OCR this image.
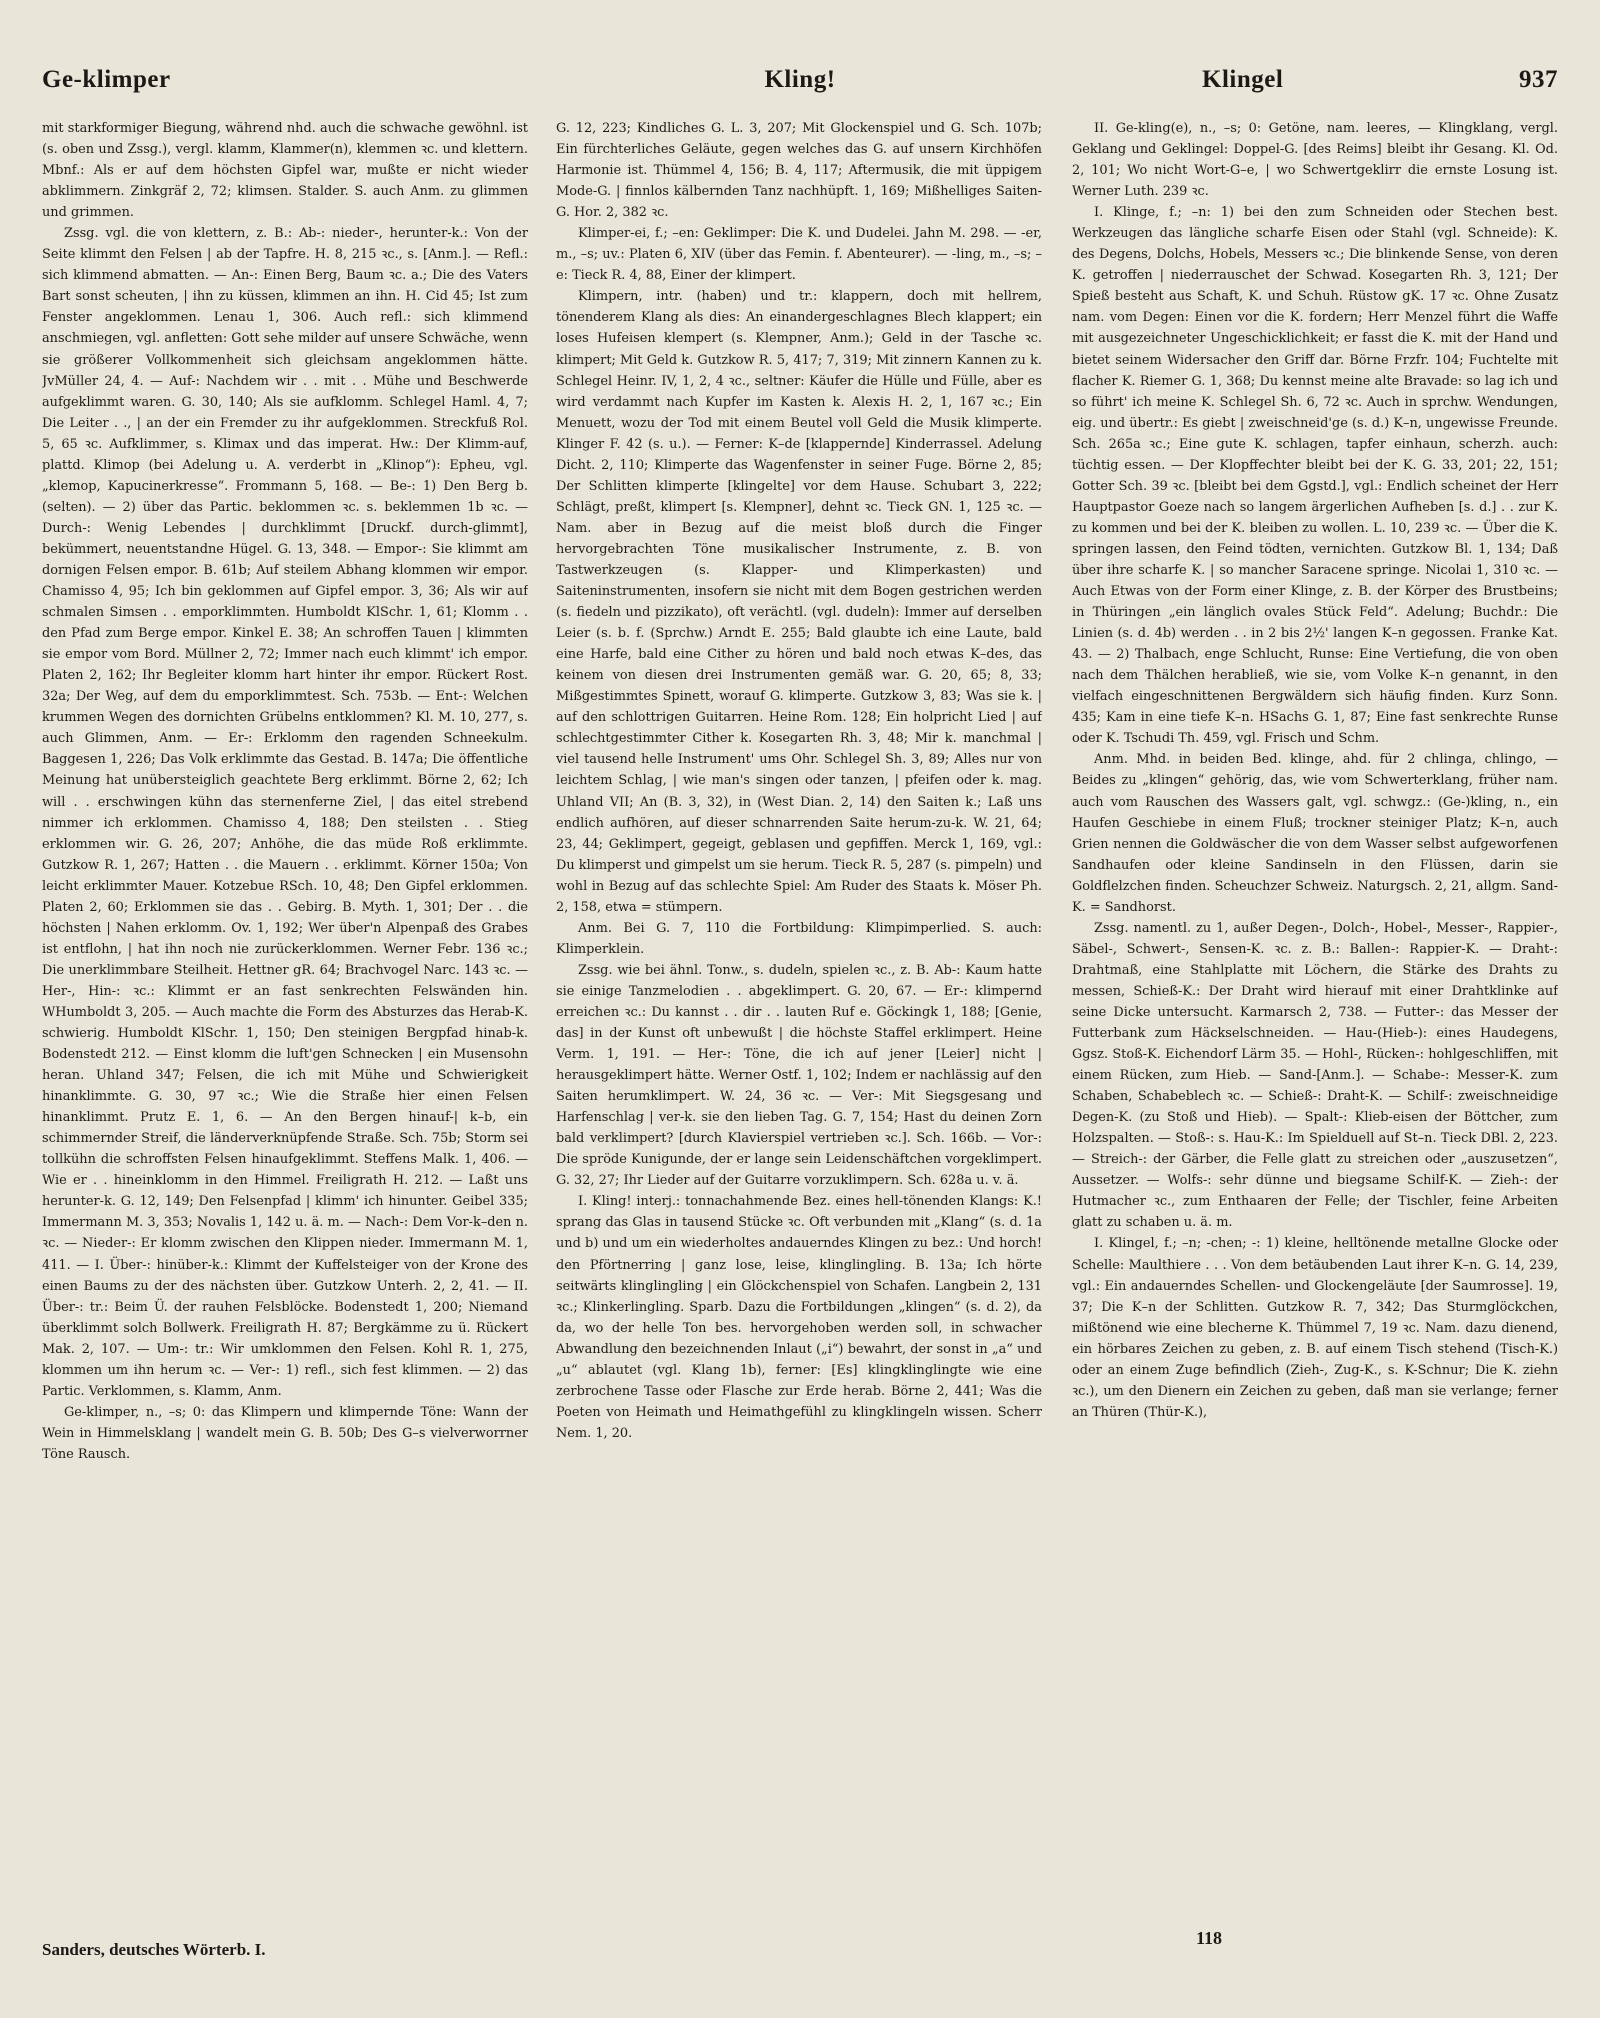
Ge-klimper	Kling!	Klingel	937

mit starkformiger Biegung, während nhd. auch die schwache gewöhnl. ist (s. oben und Zssg.), vergl. klamm, Klammer(n), klemmen ꝛc. und klettern. Mbnf.: Als er auf dem höchsten Gipfel war, mußte er nicht wieder abklimmern. Zinkgräf 2, 72; klimsen. Stalder. S. auch Anm. zu glimmen und grimmen.

Zssg. vgl. die von klettern, z. B.: Ab-: nieder-, herunter-k.: Von der Seite klimmt den Felsen | ab der Tapfre. H. 8, 215 ꝛc., s. [Anm.]. — Refl.: sich klimmend abmatten. — An-: Einen Berg, Baum ꝛc. a.; Die des Vaters Bart sonst scheuten, | ihn zu küssen, klimmen an ihn. H. Cid 45; Ist zum Fenster angeklommen. Lenau 1, 306. Auch refl.: sich klimmend anschmiegen, vgl. anfletten: Gott sehe milder auf unsere Schwäche, wenn sie größerer Vollkommenheit sich gleichsam angeklommen hätte. JvMüller 24, 4. — Auf-: Nachdem wir . . mit . . Mühe und Beschwerde aufgeklimmt waren. G. 30, 140; Als sie aufklomm. Schlegel Haml. 4, 7; Die Leiter . ., | an der ein Fremder zu ihr aufgeklommen. Streckfuß Rol. 5, 65 ꝛc. Aufklimmer, s. Klimax und das imperat. Hw.: Der Klimm-auf, plattd. Klimop (bei Adelung u. A. verderbt in „Klinop“): Epheu, vgl. „klemop, Kapucinerkresse“. Frommann 5, 168. — Be-: 1) Den Berg b. (selten). — 2) über das Partic. beklommen ꝛc. s. beklemmen 1b ꝛc. — Durch-: Wenig Lebendes | durchklimmt [Druckf. durch-glimmt], bekümmert, neuentstandne Hügel. G. 13, 348. — Empor-: Sie klimmt am dornigen Felsen empor. B. 61b; Auf steilem Abhang klommen wir empor. Chamisso 4, 95; Ich bin geklommen auf Gipfel empor. 3, 36; Als wir auf schmalen Simsen . . emporklimmten. Humboldt KlSchr. 1, 61; Klomm . . den Pfad zum Berge empor. Kinkel E. 38; An schroffen Tauen | klimmten sie empor vom Bord. Müllner 2, 72; Immer nach euch klimmt' ich empor. Platen 2, 162; Ihr Begleiter klomm hart hinter ihr empor. Rückert Rost. 32a; Der Weg, auf dem du emporklimmtest. Sch. 753b. — Ent-: Welchen krummen Wegen des dornichten Grübelns entklommen? Kl. M. 10, 277, s. auch Glimmen, Anm. — Er-: Erklomm den ragenden Schneekulm. Baggesen 1, 226; Das Volk erklimmte das Gestad. B. 147a; Die öffentliche Meinung hat unübersteiglich geachtete Berg erklimmt. Börne 2, 62; Ich will . . erschwingen kühn das sternenferne Ziel, | das eitel strebend nimmer ich erklommen. Chamisso 4, 188; Den steilsten . . Stieg erklommen wir. G. 26, 207; Anhöhe, die das müde Roß erklimmte. Gutzkow R. 1, 267; Hatten . . die Mauern . . erklimmt. Körner 150a; Von leicht erklimmter Mauer. Kotzebue RSch. 10, 48; Den Gipfel erklommen. Platen 2, 60; Erklommen sie das . . Gebirg. B. Myth. 1, 301; Der . . die höchsten | Nahen erklomm. Ov. 1, 192; Wer über'n Alpenpaß des Grabes ist entflohn, | hat ihn noch nie zurückerklommen. Werner Febr. 136 ꝛc.; Die unerklimmbare Steilheit. Hettner gR. 64; Brachvogel Narc. 143 ꝛc. — Her-, Hin-: ꝛc.: Klimmt er an fast senkrechten Felswänden hin. WHumboldt 3, 205. — Auch machte die Form des Absturzes das Herab-K. schwierig. Humboldt KlSchr. 1, 150; Den steinigen Bergpfad hinab-k. Bodenstedt 212. — Einst klomm die luft'gen Schnecken | ein Musensohn heran. Uhland 347; Felsen, die ich mit Mühe und Schwierigkeit hinanklimmte. G. 30, 97 ꝛc.; Wie die Straße hier einen Felsen hinanklimmt. Prutz E. 1, 6. — An den Bergen hinauf-| k–b, ein schimmernder Streif, die länderverknüpfende Straße. Sch. 75b; Storm sei tollkühn die schroffsten Felsen hinaufgeklimmt. Steffens Malk. 1, 406. — Wie er . . hineinklomm in den Himmel. Freiligrath H. 212. — Laßt uns herunter-k. G. 12, 149; Den Felsenpfad | klimm' ich hinunter. Geibel 335; Immermann M. 3, 353; Novalis 1, 142 u. ä. m. — Nach-: Dem Vor-k–den n. ꝛc. — Nieder-: Er klomm zwischen den Klippen nieder. Immermann M. 1, 411. — I. Über-: hinüber-k.: Klimmt der Kuffelsteiger von der Krone des einen Baums zu der des nächsten über. Gutzkow Unterh. 2, 2, 41. — II. Über-: tr.: Beim Ü. der rauhen Felsblöcke. Bodenstedt 1, 200; Niemand überklimmt solch Bollwerk. Freiligrath H. 87; Bergkämme zu ü. Rückert Mak. 2, 107. — Um-: tr.: Wir umklommen den Felsen. Kohl R. 1, 275, klommen um ihn herum ꝛc. — Ver-: 1) refl., sich fest klimmen. — 2) das Partic. Verklommen, s. Klamm, Anm.

Ge-klimper, n., –s; 0: das Klimpern und klimpernde Töne: Wann der Wein in Himmelsklang | wandelt mein G. B. 50b; Des G–s vielverworrner Töne Rausch.

G. 12, 223; Kindliches G. L. 3, 207; Mit Glockenspiel und G. Sch. 107b; Ein fürchterliches Geläute, gegen welches das G. auf unsern Kirchhöfen Harmonie ist. Thümmel 4, 156; B. 4, 117; Aftermusik, die mit üppigem Mode-G. | finnlos kälbernden Tanz nachhüpft. 1, 169; Mißhelliges Saiten-G. Hor. 2, 382 ꝛc.

Klimper-ei, f.; –en: Geklimper: Die K. und Dudelei. Jahn M. 298. — -er, m., –s; uv.: Platen 6, XIV (über das Femin. f. Abenteurer). — -ling, m., –s; –e: Tieck R. 4, 88, Einer der klimpert.

Klimpern, intr. (haben) und tr.: klappern, doch mit hellrem, tönenderem Klang als dies: An einandergeschlagnes Blech klappert; ein loses Hufeisen klempert (s. Klempner, Anm.); Geld in der Tasche ꝛc. klimpert; Mit Geld k. Gutzkow R. 5, 417; 7, 319; Mit zinnern Kannen zu k. Schlegel Heinr. IV, 1, 2, 4 ꝛc., seltner: Käufer die Hülle und Fülle, aber es wird verdammt nach Kupfer im Kasten k. Alexis H. 2, 1, 167 ꝛc.; Ein Menuett, wozu der Tod mit einem Beutel voll Geld die Musik klimperte. Klinger F. 42 (s. u.). — Ferner: K–de [klappernde] Kinderrassel. Adelung Dicht. 2, 110; Klimperte das Wagenfenster in seiner Fuge. Börne 2, 85; Der Schlitten klimperte [klingelte] vor dem Hause. Schubart 3, 222; Schlägt, preßt, klimpert [s. Klempner], dehnt ꝛc. Tieck GN. 1, 125 ꝛc. — Nam. aber in Bezug auf die meist bloß durch die Finger hervorgebrachten Töne musikalischer Instrumente, z. B. von Tastwerkzeugen (s. Klapper- und Klimperkasten) und Saiteninstrumenten, insofern sie nicht mit dem Bogen gestrichen werden (s. fiedeln und pizzikato), oft verächtl. (vgl. dudeln): Immer auf derselben Leier (s. b. f. (Sprchw.) Arndt E. 255; Bald glaubte ich eine Laute, bald eine Harfe, bald eine Cither zu hören und bald noch etwas K–des, das keinem von diesen drei Instrumenten gemäß war. G. 20, 65; 8, 33; Mißgestimmtes Spinett, worauf G. klimperte. Gutzkow 3, 83; Was sie k. | auf den schlottrigen Guitarren. Heine Rom. 128; Ein holpricht Lied | auf schlechtgestimmter Cither k. Kosegarten Rh. 3, 48; Mir k. manchmal | viel tausend helle Instrument' ums Ohr. Schlegel Sh. 3, 89; Alles nur von leichtem Schlag, | wie man's singen oder tanzen, | pfeifen oder k. mag. Uhland VII; An (B. 3, 32), in (West Dian. 2, 14) den Saiten k.; Laß uns endlich aufhören, auf dieser schnarrenden Saite herum-zu-k. W. 21, 64; 23, 44; Geklimpert, gegeigt, geblasen und gepfiffen. Merck 1, 169, vgl.: Du klimperst und gimpelst um sie herum. Tieck R. 5, 287 (s. pimpeln) und wohl in Bezug auf das schlechte Spiel: Am Ruder des Staats k. Möser Ph. 2, 158, etwa = stümpern.

Anm. Bei G. 7, 110 die Fortbildung: Klimpimperlied. S. auch: Klimperklein.

Zssg. wie bei ähnl. Tonw., s. dudeln, spielen ꝛc., z. B. Ab-: Kaum hatte sie einige Tanzmelodien . . abgeklimpert. G. 20, 67. — Er-: klimpernd erreichen ꝛc.: Du kannst . . dir . . lauten Ruf e. Göckingk 1, 188; [Genie, das] in der Kunst oft unbewußt | die höchste Staffel erklimpert. Heine Verm. 1, 191. — Her-: Töne, die ich auf jener [Leier] nicht | herausgeklimpert hätte. Werner Ostf. 1, 102; Indem er nachlässig auf den Saiten herumklimpert. W. 24, 36 ꝛc. — Ver-: Mit Siegsgesang und Harfenschlag | ver-k. sie den lieben Tag. G. 7, 154; Hast du deinen Zorn bald verklimpert? [durch Klavierspiel vertrieben ꝛc.]. Sch. 166b. — Vor-: Die spröde Kunigunde, der er lange sein Leidenschäftchen vorgeklimpert. G. 32, 27; Ihr Lieder auf der Guitarre vorzuklimpern. Sch. 628a u. v. ä.

I. Kling! interj.: tonnachahmende Bez. eines hell-tönenden Klangs: K.! sprang das Glas in tausend Stücke ꝛc. Oft verbunden mit „Klang“ (s. d. 1a und b) und um ein wiederholtes andauerndes Klingen zu bez.: Und horch! den Pförtnerring | ganz lose, leise, klinglingling. B. 13a; Ich hörte seitwärts klinglingling | ein Glöckchenspiel von Schafen. Langbein 2, 131 ꝛc.; Klinkerlingling. Sparb. Dazu die Fortbildungen „klingen“ (s. d. 2), da da, wo der helle Ton bes. hervorgehoben werden soll, in schwacher Abwandlung den bezeichnenden Inlaut („i“) bewahrt, der sonst in „a“ und „u“ ablautet (vgl. Klang 1b), ferner: [Es] klingklinglingte wie eine zerbrochene Tasse oder Flasche zur Erde herab. Börne 2, 441; Was die Poeten von Heimath und Heimathgefühl zu klingklingeln wissen. Scherr Nem. 1, 20.

II. Ge-kling(e), n., –s; 0: Getöne, nam. leeres, — Klingklang, vergl. Geklang und Geklingel: Doppel-G. [des Reims] bleibt ihr Gesang. Kl. Od. 2, 101; Wo nicht Wort-G–e, | wo Schwertgeklirr die ernste Losung ist. Werner Luth. 239 ꝛc.

I. Klinge, f.; –n: 1) bei den zum Schneiden oder Stechen best. Werkzeugen das längliche scharfe Eisen oder Stahl (vgl. Schneide): K. des Degens, Dolchs, Hobels, Messers ꝛc.; Die blinkende Sense, von deren K. getroffen | niederrauschet der Schwad. Kosegarten Rh. 3, 121; Der Spieß besteht aus Schaft, K. und Schuh. Rüstow gK. 17 ꝛc. Ohne Zusatz nam. vom Degen: Einen vor die K. fordern; Herr Menzel führt die Waffe mit ausgezeichneter Ungeschicklichkeit; er fasst die K. mit der Hand und bietet seinem Widersacher den Griff dar. Börne Frzfr. 104; Fuchtelte mit flacher K. Riemer G. 1, 368; Du kennst meine alte Bravade: so lag ich und so führt' ich meine K. Schlegel Sh. 6, 72 ꝛc. Auch in sprchw. Wendungen, eig. und übertr.: Es giebt | zweischneid'ge (s. d.) K–n, ungewisse Freunde. Sch. 265a ꝛc.; Eine gute K. schlagen, tapfer einhaun, scherzh. auch: tüchtig essen. — Der Klopffechter bleibt bei der K. G. 33, 201; 22, 151; Gotter Sch. 39 ꝛc. [bleibt bei dem Ggstd.], vgl.: Endlich scheinet der Herr Hauptpastor Goeze nach so langem ärgerlichen Aufheben [s. d.] . . zur K. zu kommen und bei der K. bleiben zu wollen. L. 10, 239 ꝛc. — Über die K. springen lassen, den Feind tödten, vernichten. Gutzkow Bl. 1, 134; Daß über ihre scharfe K. | so mancher Saracene springe. Nicolai 1, 310 ꝛc. — Auch Etwas von der Form einer Klinge, z. B. der Körper des Brustbeins; in Thüringen „ein länglich ovales Stück Feld“. Adelung; Buchdr.: Die Linien (s. d. 4b) werden . . in 2 bis 2½' langen K–n gegossen. Franke Kat. 43. — 2) Thalbach, enge Schlucht, Runse: Eine Vertiefung, die von oben nach dem Thälchen herabließ, wie sie, vom Volke K–n genannt, in den vielfach eingeschnittenen Bergwäldern sich häufig finden. Kurz Sonn. 435; Kam in eine tiefe K–n. HSachs G. 1, 87; Eine fast senkrechte Runse oder K. Tschudi Th. 459, vgl. Frisch und Schm.

Anm. Mhd. in beiden Bed. klinge, ahd. für 2 chlinga, chlingo, — Beides zu „klingen“ gehörig, das, wie vom Schwerterklang, früher nam. auch vom Rauschen des Wassers galt, vgl. schwgz.: (Ge-)kling, n., ein Haufen Geschiebe in einem Fluß; trockner steiniger Platz; K–n, auch Grien nennen die Goldwäscher die von dem Wasser selbst aufgeworfenen Sandhaufen oder kleine Sandinseln in den Flüssen, darin sie Goldflelzchen finden. Scheuchzer Schweiz. Naturgsch. 2, 21, allgm. Sand-K. = Sandhorst.

Zssg. namentl. zu 1, außer Degen-, Dolch-, Hobel-, Messer-, Rappier-, Säbel-, Schwert-, Sensen-K. ꝛc. z. B.: Ballen-: Rappier-K. — Draht-: Drahtmaß, eine Stahlplatte mit Löchern, die Stärke des Drahts zu messen, Schieß-K.: Der Draht wird hierauf mit einer Drahtklinke auf seine Dicke untersucht. Karmarsch 2, 738. — Futter-: das Messer der Futterbank zum Häckselschneiden. — Hau-(Hieb-): eines Haudegens, Ggsz. Stoß-K. Eichendorf Lärm 35. — Hohl-, Rücken-: hohlgeschliffen, mit einem Rücken, zum Hieb. — Sand-[Anm.]. — Schabe-: Messer-K. zum Schaben, Schabeblech ꝛc. — Schieß-: Draht-K. — Schilf-: zweischneidige Degen-K. (zu Stoß und Hieb). — Spalt-: Klieb-eisen der Böttcher, zum Holzspalten. — Stoß-: s. Hau-K.: Im Spielduell auf St–n. Tieck DBl. 2, 223. — Streich-: der Gärber, die Felle glatt zu streichen oder „auszusetzen“, Aussetzer. — Wolfs-: sehr dünne und biegsame Schilf-K. — Zieh-: der Hutmacher ꝛc., zum Enthaaren der Felle; der Tischler, feine Arbeiten glatt zu schaben u. ä. m.

I. Klingel, f.; –n; -chen; -: 1) kleine, helltönende metallne Glocke oder Schelle: Maulthiere . . . Von dem betäubenden Laut ihrer K–n. G. 14, 239, vgl.: Ein andauerndes Schellen- und Glockengeläute [der Saumrosse]. 19, 37; Die K–n der Schlitten. Gutzkow R. 7, 342; Das Sturmglöckchen, mißtönend wie eine blecherne K. Thümmel 7, 19 ꝛc. Nam. dazu dienend, ein hörbares Zeichen zu geben, z. B. auf einem Tisch stehend (Tisch-K.) oder an einem Zuge befindlich (Zieh-, Zug-K., s. K-Schnur; Die K. ziehn ꝛc.), um den Dienern ein Zeichen zu geben, daß man sie verlange; ferner an Thüren (Thür-K.),

Sanders, deutsches Wörterb. I.
118
